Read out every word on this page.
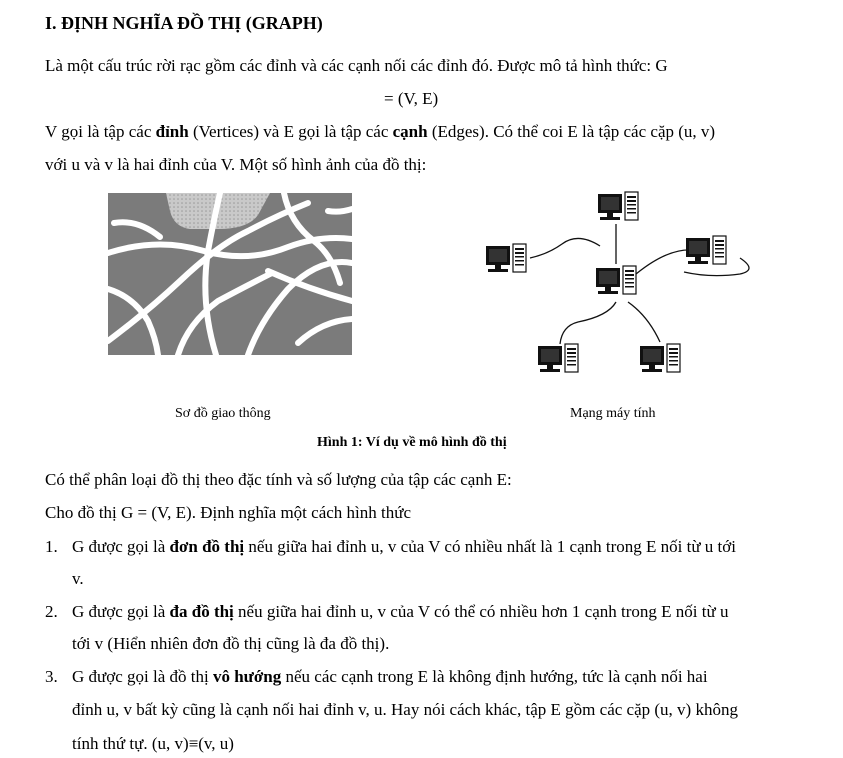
I. ĐỊNH NGHĨA ĐỒ THỊ (GRAPH)
Là một cấu trúc rời rạc gồm các đỉnh và các cạnh nối các đỉnh đó. Được mô tả hình thức: G
= (V, E)
V gọi là tập các đỉnh (Vertices) và E gọi là tập các cạnh (Edges). Có thể coi E là tập các cặp (u, v)
với u và v là hai đỉnh của V. Một số hình ảnh của đồ thị:
Sơ đồ giao thông	Mạng máy tính
Hình 1: Ví dụ về mô hình đồ thị
Có thể phân loại đồ thị theo đặc tính và số lượng của tập các cạnh E:
Cho đồ thị G = (V, E). Định nghĩa một cách hình thức
1. G được gọi là đơn đồ thị nếu giữa hai đỉnh u, v của V có nhiều nhất là 1 cạnh trong E nối từ u tới
v.
2. G được gọi là đa đồ thị nếu giữa hai đỉnh u, v của V có thể có nhiều hơn 1 cạnh trong E nối từ u
tới v (Hiển nhiên đơn đồ thị cũng là đa đồ thị).
3. G được gọi là đồ thị vô hướng nếu các cạnh trong E là không định hướng, tức là cạnh nối hai
đỉnh u, v bất kỳ cũng là cạnh nối hai đỉnh v, u. Hay nói cách khác, tập E gồm các cặp (u, v) không
tính thứ tự. (u, v)≡(v, u)
